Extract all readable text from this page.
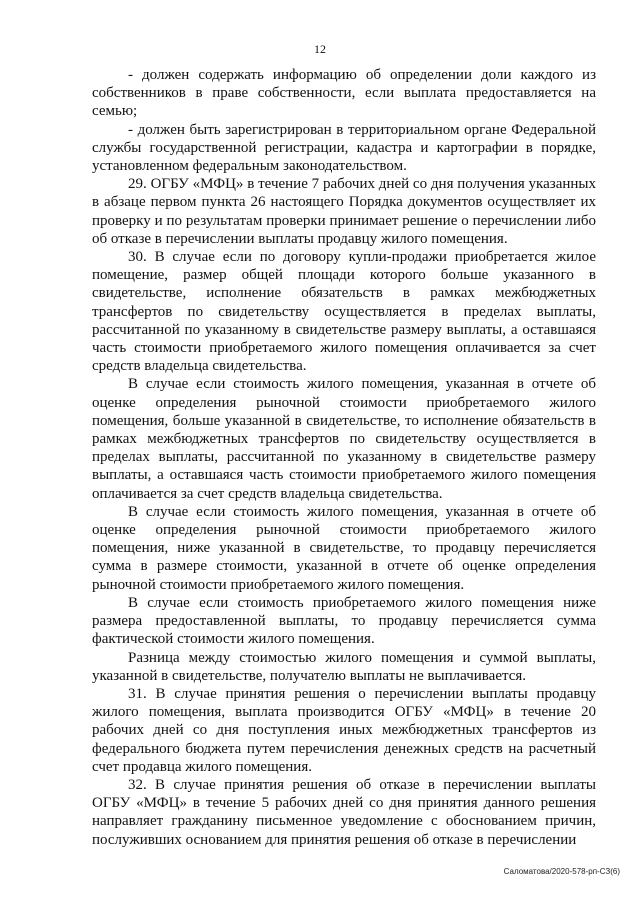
12

- должен содержать информацию об определении доли каждого из собственников в праве собственности, если выплата предоставляется на семью;

- должен быть зарегистрирован в территориальном органе Федеральной службы государственной регистрации, кадастра и картографии в порядке, установленном федеральным законодательством.

29. ОГБУ «МФЦ» в течение 7 рабочих дней со дня получения указанных в абзаце первом пункта 26 настоящего Порядка документов осуществляет их проверку и по результатам проверки принимает решение о перечислении либо об отказе в перечислении выплаты продавцу жилого помещения.

30. В случае если по договору купли-продажи приобретается жилое помещение, размер общей площади которого больше указанного в свидетельстве, исполнение обязательств в рамках межбюджетных трансфертов по свидетельству осуществляется в пределах выплаты, рассчитанной по указанному в свидетельстве размеру выплаты, а оставшаяся часть стоимости приобретаемого жилого помещения оплачивается за счет средств владельца свидетельства.

В случае если стоимость жилого помещения, указанная в отчете об оценке определения рыночной стоимости приобретаемого жилого помещения, больше указанной в свидетельстве, то исполнение обязательств в рамках межбюджетных трансфертов по свидетельству осуществляется в пределах выплаты, рассчитанной по указанному в свидетельстве размеру выплаты, а оставшаяся часть стоимости приобретаемого жилого помещения оплачивается за счет средств владельца свидетельства.

В случае если стоимость жилого помещения, указанная в отчете об оценке определения рыночной стоимости приобретаемого жилого помещения, ниже указанной в свидетельстве, то продавцу перечисляется сумма в размере стоимости, указанной в отчете об оценке определения рыночной стоимости приобретаемого жилого помещения.

В случае если стоимость приобретаемого жилого помещения ниже размера предоставленной выплаты, то продавцу перечисляется сумма фактической стоимости жилого помещения.

Разница между стоимостью жилого помещения и суммой выплаты, указанной в свидетельстве, получателю выплаты не выплачивается.

31. В случае принятия решения о перечислении выплаты продавцу жилого помещения, выплата производится ОГБУ «МФЦ» в течение 20 рабочих дней со дня поступления иных межбюджетных трансфертов из федерального бюджета путем перечисления денежных средств на расчетный счет продавца жилого помещения.

32. В случае принятия решения об отказе в перечислении выплаты ОГБУ «МФЦ» в течение 5 рабочих дней со дня принятия данного решения направляет гражданину письменное уведомление с обоснованием причин, послуживших основанием для принятия решения об отказе в перечислении

Саломатова/2020-578-рп-СЗ(6)
